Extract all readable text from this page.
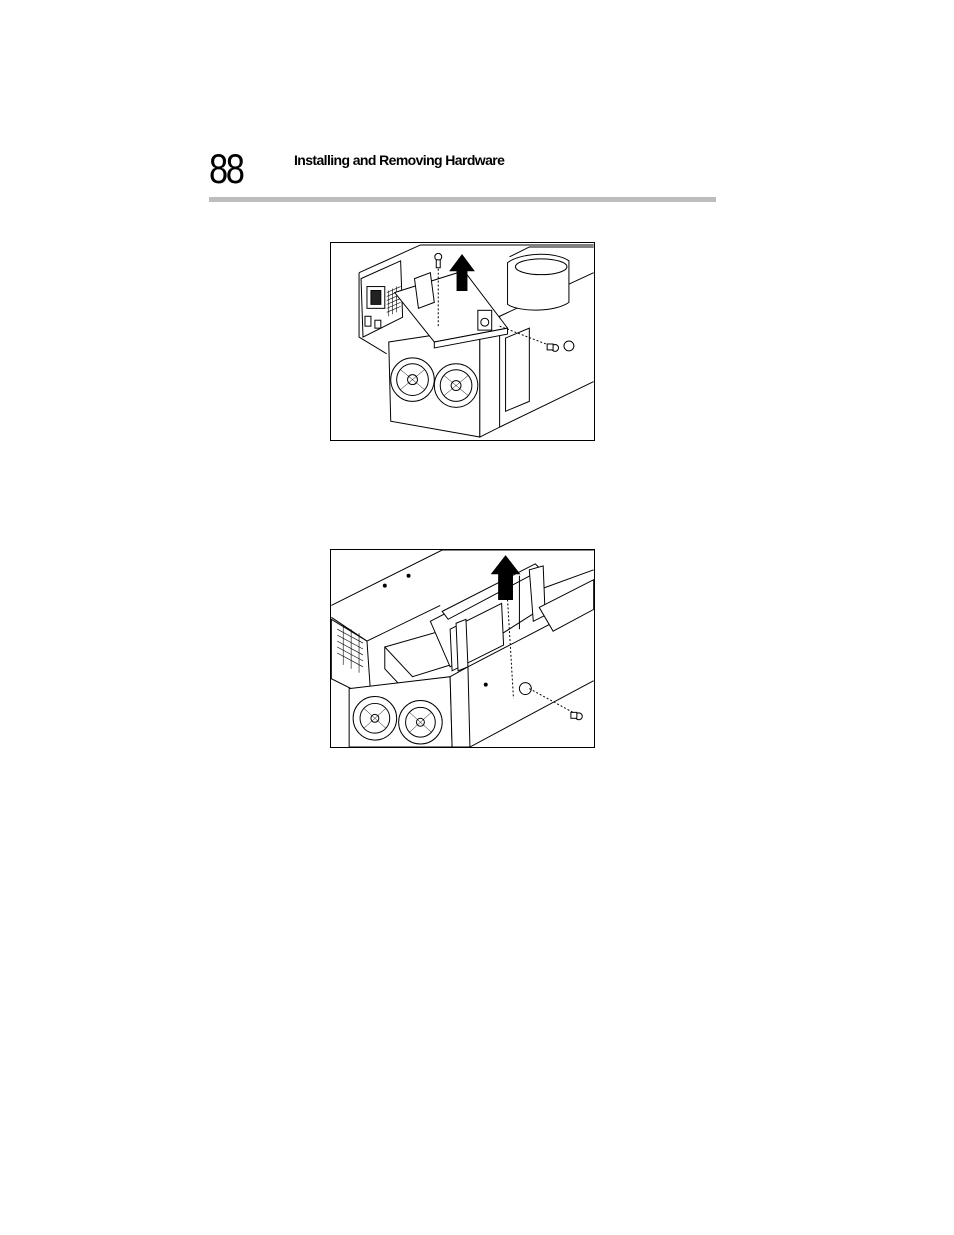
88	Installing and Removing Hardware
